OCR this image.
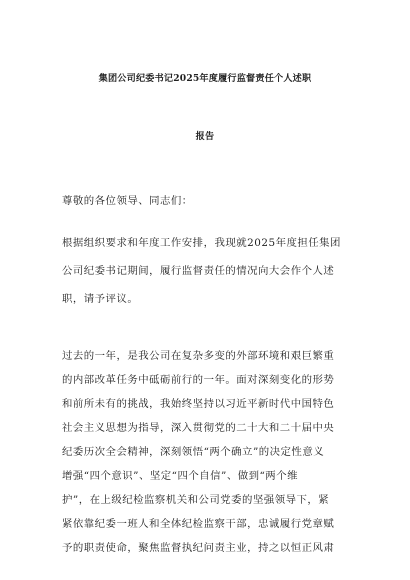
集团公司纪委书记2025年度履行监督责任个人述职
报告
尊敬的各位领导、同志们：
根据组织要求和年度工作安排，我现就2025年度担任集团
公司纪委书记期间，履行监督责任的情况向大会作个人述
职，请予评议。
过去的一年，是我公司在复杂多变的外部环境和艰巨繁重
的内部改革任务中砥砺前行的一年。面对深刻变化的形势
和前所未有的挑战，我始终坚持以习近平新时代中国特色
社会主义思想为指导，深入贯彻党的二十大和二十届中央
纪委历次全会精神，深刻领悟“两个确立”的决定性意义
增强“四个意识”、坚定“四个自信”、做到“两个维
护”，在上级纪检监察机关和公司党委的坚强领导下，紧
紧依靠纪委一班人和全体纪检监察干部，忠诚履行党章赋
予的职责使命，聚焦监督执纪问责主业，持之以恒正风肃
